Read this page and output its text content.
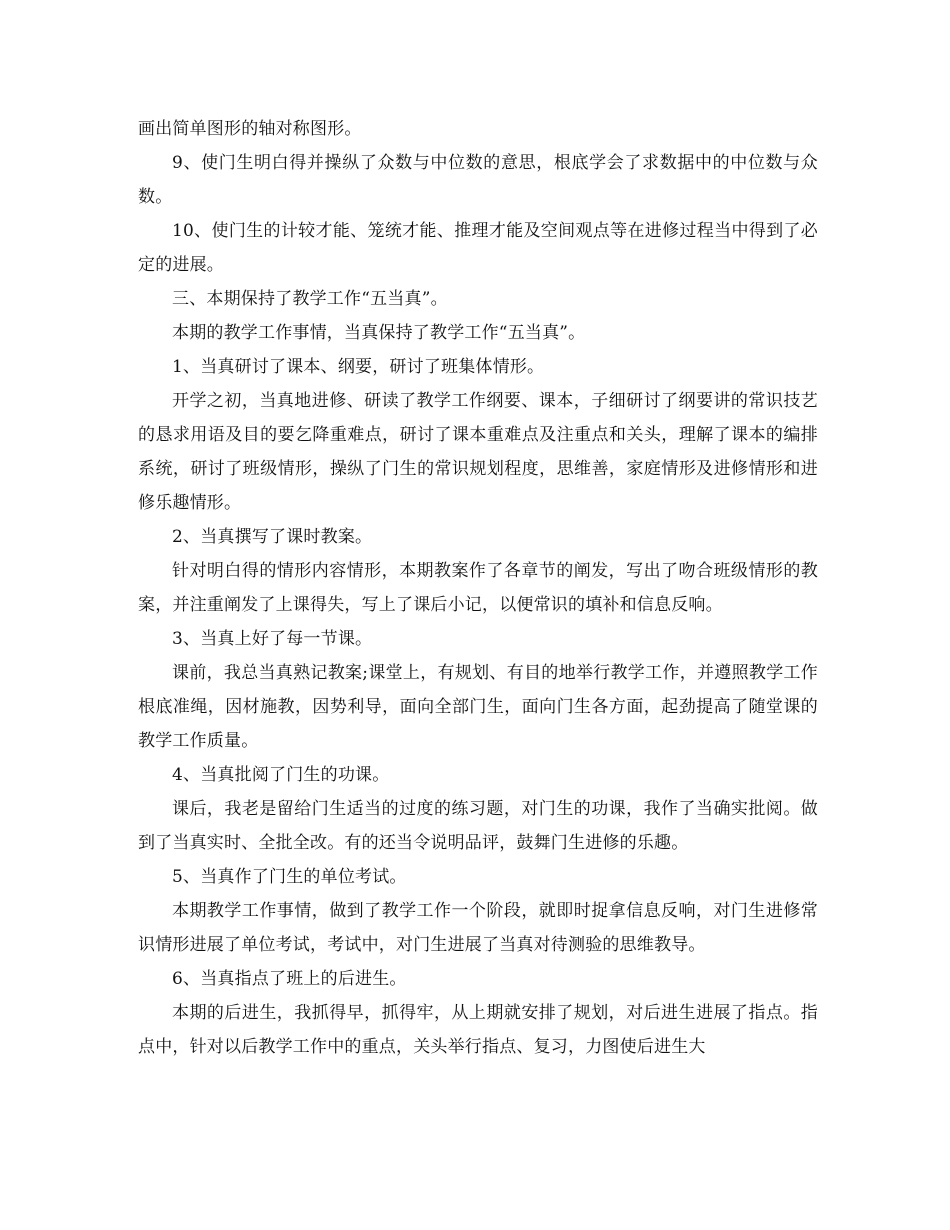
画出简单图形的轴对称图形。

9、使门生明白得并操纵了众数与中位数的意思，根底学会了求数据中的中位数与众数。

10、使门生的计较才能、笼统才能、推理才能及空间观点等在进修过程当中得到了必定的进展。

三、本期保持了教学工作“五当真”。

本期的教学工作事情，当真保持了教学工作“五当真”。

1、当真研讨了课本、纲要，研讨了班集体情形。

开学之初，当真地进修、研读了教学工作纲要、课本，子细研讨了纲要讲的常识技艺的恳求用语及目的要乞降重难点，研讨了课本重难点及注重点和关头，理解了课本的编排系统，研讨了班级情形，操纵了门生的常识规划程度，思维善，家庭情形及进修情形和进修乐趣情形。

2、当真撰写了课时教案。

针对明白得的情形内容情形，本期教案作了各章节的阐发，写出了吻合班级情形的教案，并注重阐发了上课得失，写上了课后小记，以便常识的填补和信息反响。

3、当真上好了每一节课。

课前，我总当真熟记教案;课堂上，有规划、有目的地举行教学工作，并遵照教学工作根底准绳，因材施教，因势利导，面向全部门生，面向门生各方面，起劲提高了随堂课的教学工作质量。

4、当真批阅了门生的功课。

课后，我老是留给门生适当的过度的练习题，对门生的功课，我作了当确实批阅。做到了当真实时、全批全改。有的还当令说明品评，鼓舞门生进修的乐趣。

5、当真作了门生的单位考试。

本期教学工作事情，做到了教学工作一个阶段，就即时捉拿信息反响，对门生进修常识情形进展了单位考试，考试中，对门生进展了当真对待测验的思维教导。

6、当真指点了班上的后进生。

本期的后进生，我抓得早，抓得牢，从上期就安排了规划，对后进生进展了指点。指点中，针对以后教学工作中的重点，关头举行指点、复习，力图使后进生大
